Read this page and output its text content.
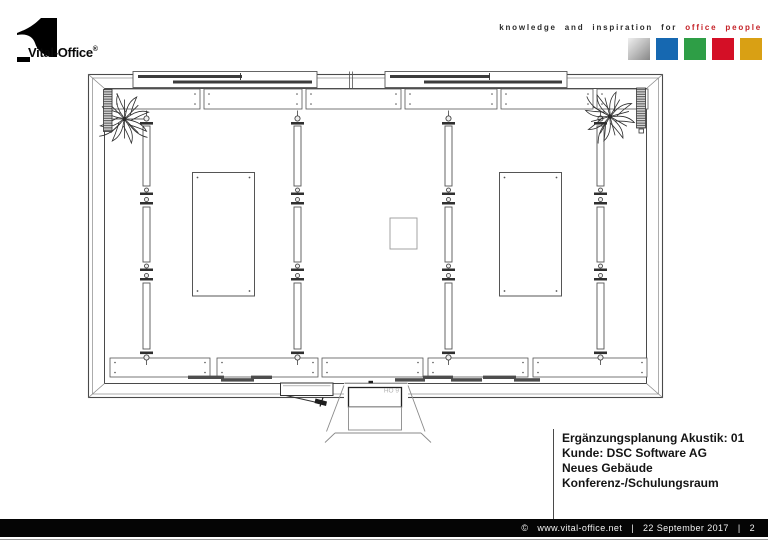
Vital-Office®
knowledge and inspiration for office people
HO 9
Ergänzungsplanung Akustik: 01
Kunde: DSC Software AG
Neues Gebäude
Konferenz-/Schulungsraum
© www.vital-office.net | 22 September 2017 | 2
